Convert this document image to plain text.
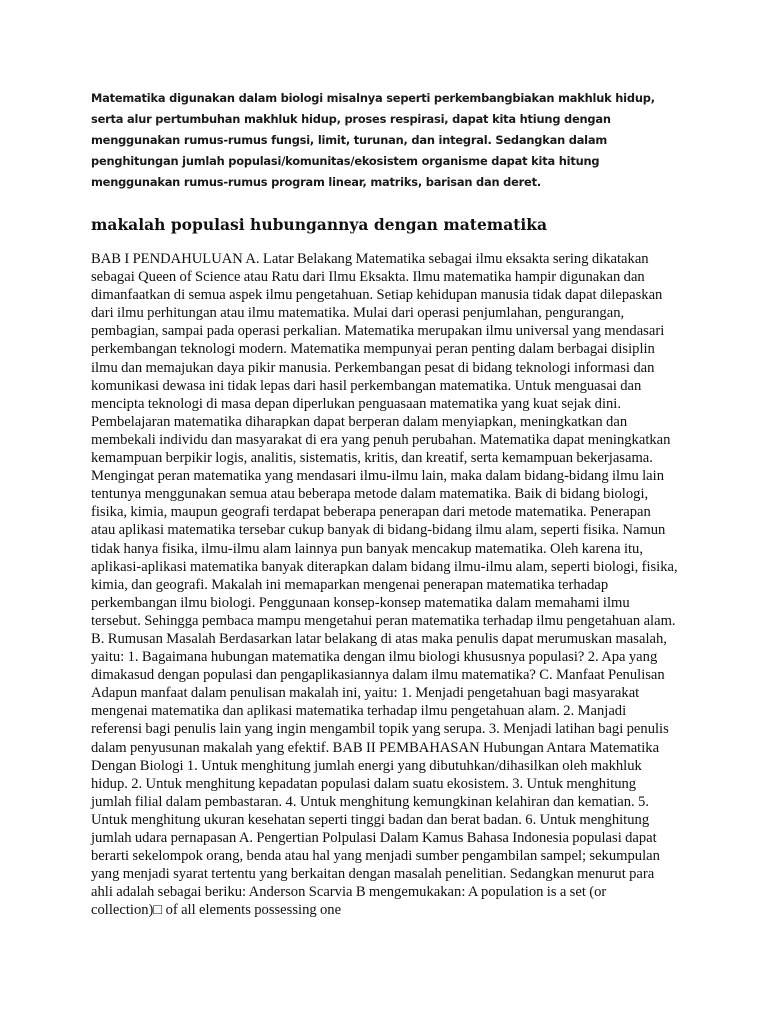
Matematika digunakan dalam biologi misalnya seperti perkembangbiakan makhluk hidup, serta alur pertumbuhan makhluk hidup, proses respirasi, dapat kita htiung dengan menggunakan rumus-rumus fungsi, limit, turunan, dan integral. Sedangkan dalam penghitungan jumlah populasi/komunitas/ekosistem organisme dapat kita hitung menggunakan rumus-rumus program linear, matriks, barisan dan deret.

makalah populasi hubungannya dengan matematika

BAB I PENDAHULUAN A. Latar Belakang Matematika sebagai ilmu eksakta sering dikatakan sebagai Queen of Science atau Ratu dari Ilmu Eksakta. Ilmu matematika hampir digunakan dan dimanfaatkan di semua aspek ilmu pengetahuan. Setiap kehidupan manusia tidak dapat dilepaskan dari ilmu perhitungan atau ilmu matematika. Mulai dari operasi penjumlahan, pengurangan, pembagian, sampai pada operasi perkalian. Matematika merupakan ilmu universal yang mendasari perkembangan teknologi modern. Matematika mempunyai peran penting dalam berbagai disiplin ilmu dan memajukan daya pikir manusia. Perkembangan pesat di bidang teknologi informasi dan komunikasi dewasa ini tidak lepas dari hasil perkembangan matematika. Untuk menguasai dan mencipta teknologi di masa depan diperlukan penguasaan matematika yang kuat sejak dini. Pembelajaran matematika diharapkan dapat berperan dalam menyiapkan, meningkatkan dan membekali individu dan masyarakat di era yang penuh perubahan. Matematika dapat meningkatkan kemampuan berpikir logis, analitis, sistematis, kritis, dan kreatif, serta kemampuan bekerjasama. Mengingat peran matematika yang mendasari ilmu-ilmu lain, maka dalam bidang-bidang ilmu lain tentunya menggunakan semua atau beberapa metode dalam matematika. Baik di bidang biologi, fisika, kimia, maupun geografi terdapat beberapa penerapan dari metode matematika. Penerapan atau aplikasi matematika tersebar cukup banyak di bidang-bidang ilmu alam, seperti fisika. Namun tidak hanya fisika, ilmu-ilmu alam lainnya pun banyak mencakup matematika. Oleh karena itu, aplikasi-aplikasi matematika banyak diterapkan dalam bidang ilmu-ilmu alam, seperti biologi, fisika, kimia, dan geografi. Makalah ini memaparkan mengenai penerapan matematika terhadap perkembangan ilmu biologi. Penggunaan konsep-konsep matematika dalam memahami ilmu tersebut. Sehingga pembaca mampu mengetahui peran matematika terhadap ilmu pengetahuan alam. B. Rumusan Masalah Berdasarkan latar belakang di atas maka penulis dapat merumuskan masalah, yaitu: 1. Bagaimana hubungan matematika dengan ilmu biologi khususnya populasi? 2. Apa yang dimakasud dengan populasi dan pengaplikasiannya dalam ilmu matematika? C. Manfaat Penulisan Adapun manfaat dalam penulisan makalah ini, yaitu: 1. Menjadi pengetahuan bagi masyarakat mengenai matematika dan aplikasi matematika terhadap ilmu pengetahuan alam. 2. Manjadi referensi bagi penulis lain yang ingin mengambil topik yang serupa. 3. Menjadi latihan bagi penulis dalam penyusunan makalah yang efektif. BAB II PEMBAHASAN Hubungan Antara Matematika Dengan Biologi 1. Untuk menghitung jumlah energi yang dibutuhkan/dihasilkan oleh makhluk hidup. 2. Untuk menghitung kepadatan populasi dalam suatu ekosistem. 3. Untuk menghitung jumlah filial dalam pembastaran. 4. Untuk menghitung kemungkinan kelahiran dan kematian. 5. Untuk menghitung ukuran kesehatan seperti tinggi badan dan berat badan. 6. Untuk menghitung jumlah udara pernapasan A. Pengertian Polpulasi Dalam Kamus Bahasa Indonesia populasi dapat berarti sekelompok orang, benda atau hal yang menjadi sumber pengambilan sampel; sekumpulan yang menjadi syarat tertentu yang berkaitan dengan masalah penelitian. Sedangkan menurut para ahli adalah sebagai beriku: Anderson Scarvia B mengemukakan: A population is a set (or collection)□ of all elements possessing one
